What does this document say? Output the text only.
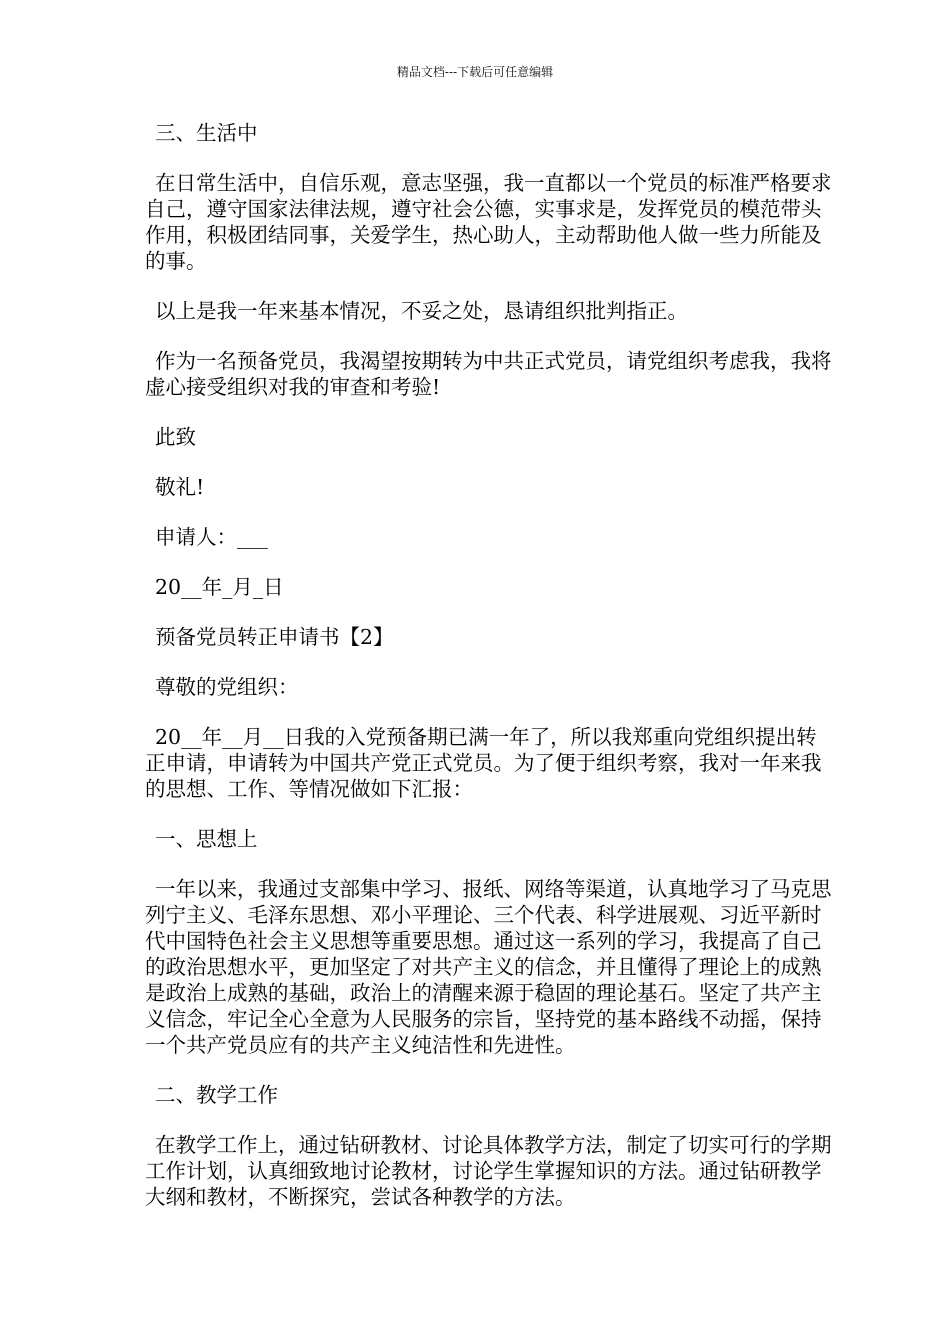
精品文档---下载后可任意编辑

三、生活中

在日常生活中，自信乐观，意志坚强，我一直都以一个党员的标准严格要求自己，遵守国家法律法规，遵守社会公德，实事求是，发挥党员的模范带头作用，积极团结同事，关爱学生，热心助人，主动帮助他人做一些力所能及的事。

以上是我一年来基本情况，不妥之处，恳请组织批判指正。

作为一名预备党员，我渴望按期转为中共正式党员，请党组织考虑我，我将虚心接受组织对我的审查和考验!

此致

敬礼!

申请人：___

20__年_月_日

预备党员转正申请书【2】

尊敬的党组织：

20__年__月__日我的入党预备期已满一年了，所以我郑重向党组织提出转正申请，申请转为中国共产党正式党员。为了便于组织考察，我对一年来我的思想、工作、等情况做如下汇报：

一、思想上

一年以来，我通过支部集中学习、报纸、网络等渠道，认真地学习了马克思列宁主义、毛泽东思想、邓小平理论、三个代表、科学进展观、习近平新时代中国特色社会主义思想等重要思想。通过这一系列的学习，我提高了自己的政治思想水平，更加坚定了对共产主义的信念，并且懂得了理论上的成熟是政治上成熟的基础，政治上的清醒来源于稳固的理论基石。坚定了共产主义信念，牢记全心全意为人民服务的宗旨，坚持党的基本路线不动摇，保持一个共产党员应有的共产主义纯洁性和先进性。

二、教学工作

在教学工作上，通过钻研教材、讨论具体教学方法，制定了切实可行的学期工作计划，认真细致地讨论教材，讨论学生掌握知识的方法。通过钻研教学大纲和教材，不断探究，尝试各种教学的方法。
